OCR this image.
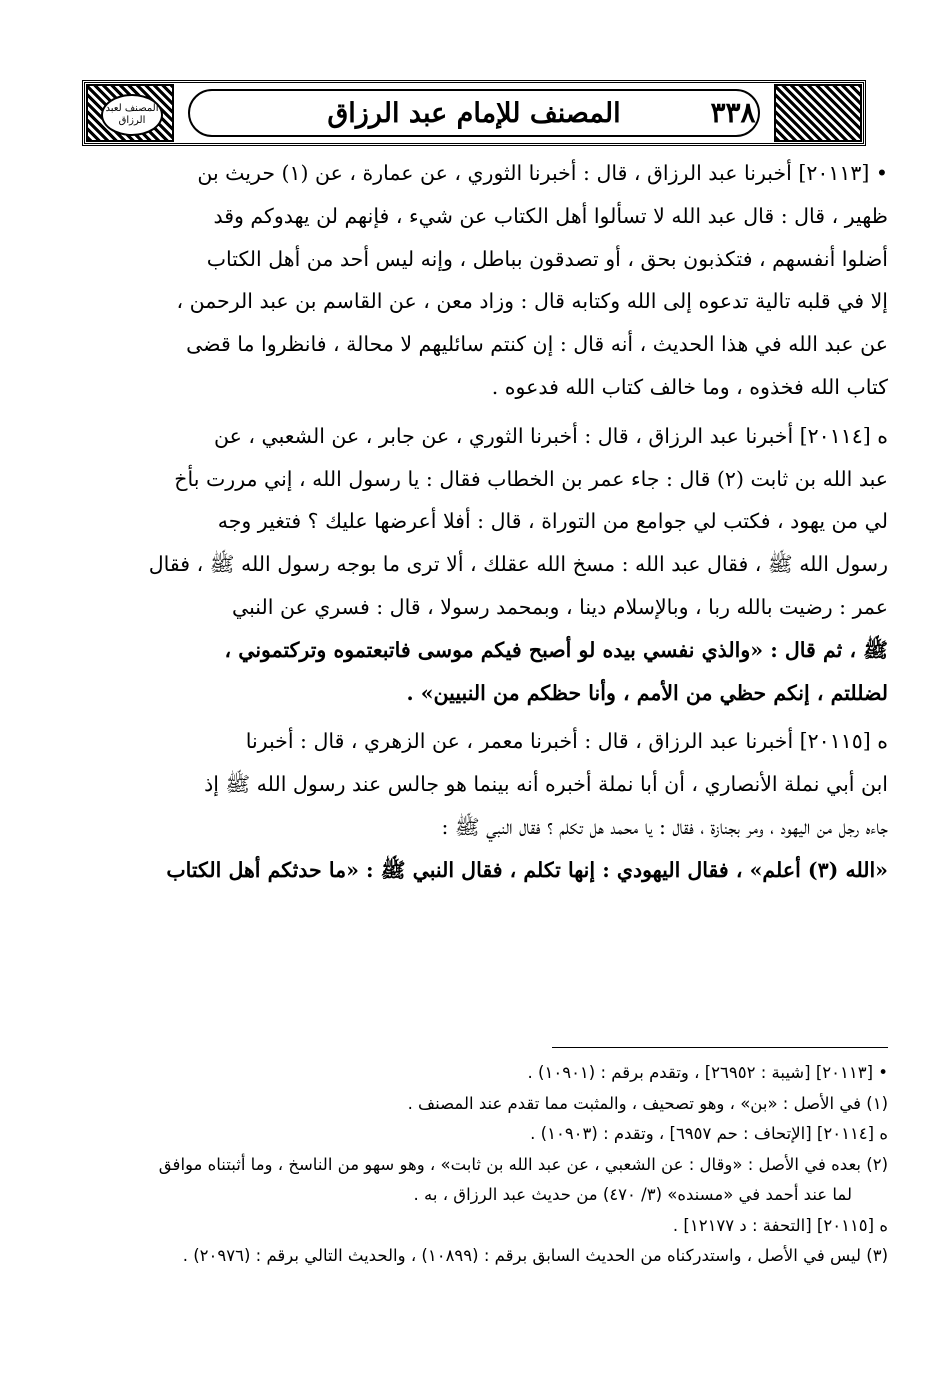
المصنف لعبد الرزاق	المصنف للإمام عبد الرزاق	٣٣٨
• [٢٠١١٣] أخبرنا عبد الرزاق ، قال : أخبرنا الثوري ، عن عمارة ، عن (١) حريث بن
ظهير ، قال : قال عبد الله لا تسألوا أهل الكتاب عن شيء ، فإنهم لن يهدوكم وقد
أضلوا أنفسهم ، فتكذبون بحق ، أو تصدقون بباطل ، وإنه ليس أحد من أهل الكتاب
إلا في قلبه تالية تدعوه إلى الله وكتابه قال : وزاد معن ، عن القاسم بن عبد الرحمن ،
عن عبد الله في هذا الحديث ، أنه قال : إن كنتم سائليهم لا محالة ، فانظروا ما قضى
كتاب الله فخذوه ، وما خالف كتاب الله فدعوه .
ه [٢٠١١٤] أخبرنا عبد الرزاق ، قال : أخبرنا الثوري ، عن جابر ، عن الشعبي ، عن
عبد الله بن ثابت (٢) قال : جاء عمر بن الخطاب فقال : يا رسول الله ، إني مررت بأخ
لي من يهود ، فكتب لي جوامع من التوراة ، قال : أفلا أعرضها عليك ؟ فتغير وجه
رسول الله ﷺ ، فقال عبد الله : مسخ الله عقلك ، ألا ترى ما بوجه رسول الله ﷺ ، فقال
عمر : رضيت بالله ربا ، وبالإسلام دينا ، وبمحمد رسولا ، قال : فسري عن النبي
ﷺ ، ثم قال : «والذي نفسي بيده لو أصبح فيكم موسى فاتبعتموه وتركتموني ،
لضللتم ، إنكم حظي من الأمم ، وأنا حظكم من النبيين» .
ه [٢٠١١٥] أخبرنا عبد الرزاق ، قال : أخبرنا معمر ، عن الزهري ، قال : أخبرنا
ابن أبي نملة الأنصاري ، أن أبا نملة أخبره أنه بينما هو جالس عند رسول الله ﷺ إذ
جاءه رجل من اليهود ، ومر بجنازة ، فقال : يا محمد هل تكلم ؟ فقال النبي ﷺ :
«الله (٣) أعلم» ، فقال اليهودي : إنها تكلم ، فقال النبي ﷺ : «ما حدثكم أهل الكتاب

• [٢٠١١٣] [شيبة : ٢٦٩٥٢] ، وتقدم برقم : (١٠٩٠١) .

(١) في الأصل : «بن» ، وهو تصحيف ، والمثبت مما تقدم عند المصنف .

ه [٢٠١١٤] [الإتحاف : حم ٦٩٥٧] ، وتقدم : (١٠٩٠٣) .

(٢) بعده في الأصل : «وقال : عن الشعبي ، عن عبد الله بن ثابت» ، وهو سهو من الناسخ ، وما أثبتناه موافق

لما عند أحمد في «مسنده» (٣/ ٤٧٠) من حديث عبد الرزاق ، به .

ه [٢٠١١٥] [التحفة : د ١٢١٧٧] .

(٣) ليس في الأصل ، واستدركناه من الحديث السابق برقم : (١٠٨٩٩) ، والحديث التالي برقم : (٢٠٩٧٦) .
